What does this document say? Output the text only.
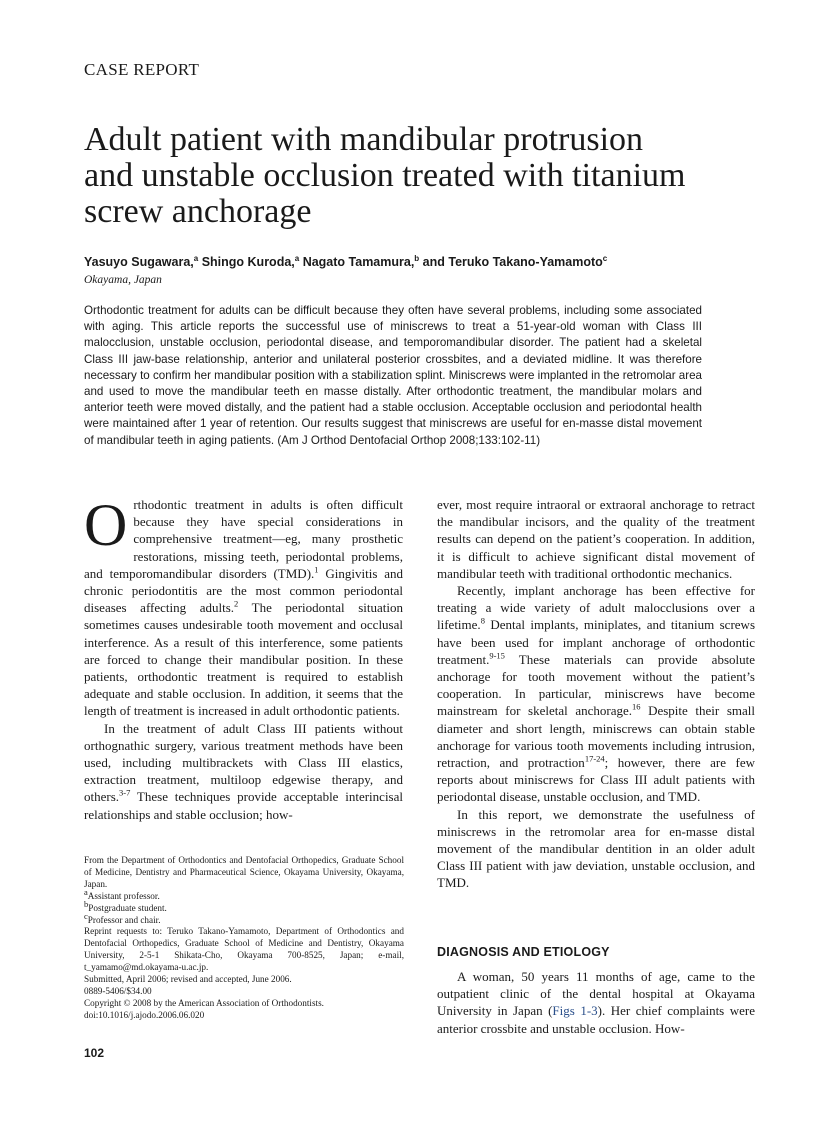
CASE REPORT
Adult patient with mandibular protrusion
and unstable occlusion treated with titanium
screw anchorage
Yasuyo Sugawara,$^a$ Shingo Kuroda,$^a$ Nagato Tamamura,$^b$ and Teruko Takano-Yamamoto$^c$
Okayama, Japan

Orthodontic treatment for adults can be difficult because they often have several problems, including some associated with aging. This article reports the successful use of miniscrews to treat a 51-year-old woman with Class III malocclusion, unstable occlusion, periodontal disease, and temporomandibular disorder. The patient had a skeletal Class III jaw-base relationship, anterior and unilateral posterior crossbites, and a deviated midline. It was therefore necessary to confirm her mandibular position with a stabilization splint. Miniscrews were implanted in the retromolar area and used to move the mandibular teeth en masse distally. After orthodontic treatment, the mandibular molars and anterior teeth were moved distally, and the patient had a stable occlusion. Acceptable occlusion and periodontal health were maintained after 1 year of retention. Our results suggest that miniscrews are useful for en-masse distal movement of mandibular teeth in aging patients. (Am J Orthod Dentofacial Orthop 2008;133:102-11)

Orthodontic treatment in adults is often difficult because they have special considerations in comprehensive treatment—eg, many prosthetic restorations, missing teeth, periodontal problems, and temporomandibular disorders (TMD).$^1$ Gingivitis and chronic periodontitis are the most common periodontal diseases affecting adults.$^2$ The periodontal situation sometimes causes undesirable tooth movement and occlusal interference. As a result of this interference, some patients are forced to change their mandibular position. In these patients, orthodontic treatment is required to establish adequate and stable occlusion. In addition, it seems that the length of treatment is increased in adult orthodontic patients.

In the treatment of adult Class III patients without orthognathic surgery, various treatment methods have been used, including multibrackets with Class III elastics, extraction treatment, multiloop edgewise therapy, and others.$^{3-7}$ These techniques provide acceptable interincisal relationships and stable occlusion; how-

ever, most require intraoral or extraoral anchorage to retract the mandibular incisors, and the quality of the treatment results can depend on the patient’s cooperation. In addition, it is difficult to achieve significant distal movement of mandibular teeth with traditional orthodontic mechanics.

Recently, implant anchorage has been effective for treating a wide variety of adult malocclusions over a lifetime.$^8$ Dental implants, miniplates, and titanium screws have been used for implant anchorage of orthodontic treatment.$^{9-15}$ These materials can provide absolute anchorage for tooth movement without the patient’s cooperation. In particular, miniscrews have become mainstream for skeletal anchorage.$^{16}$ Despite their small diameter and short length, miniscrews can obtain stable anchorage for various tooth movements including intrusion, retraction, and protraction$^{17-24}$; however, there are few reports about miniscrews for Class III adult patients with periodontal disease, unstable occlusion, and TMD.

In this report, we demonstrate the usefulness of miniscrews in the retromolar area for en-masse distal movement of the mandibular dentition in an older adult Class III patient with jaw deviation, unstable occlusion, and TMD.

From the Department of Orthodontics and Dentofacial Orthopedics, Graduate School of Medicine, Dentistry and Pharmaceutical Science, Okayama University, Okayama, Japan.
$^a$Assistant professor.
$^b$Postgraduate student.
$^c$Professor and chair.
Reprint requests to: Teruko Takano-Yamamoto, Department of Orthodontics and Dentofacial Orthopedics, Graduate School of Medicine and Dentistry, Okayama University, 2-5-1 Shikata-Cho, Okayama 700-8525, Japan; e-mail, t_yamamo@md.okayama-u.ac.jp.
Submitted, April 2006; revised and accepted, June 2006.
0889-5406/$34.00
Copyright © 2008 by the American Association of Orthodontists.
doi:10.1016/j.ajodo.2006.06.020
DIAGNOSIS AND ETIOLOGY

A woman, 50 years 11 months of age, came to the outpatient clinic of the dental hospital at Okayama University in Japan (Figs 1-3). Her chief complaints were anterior crossbite and unstable occlusion. How-

102
